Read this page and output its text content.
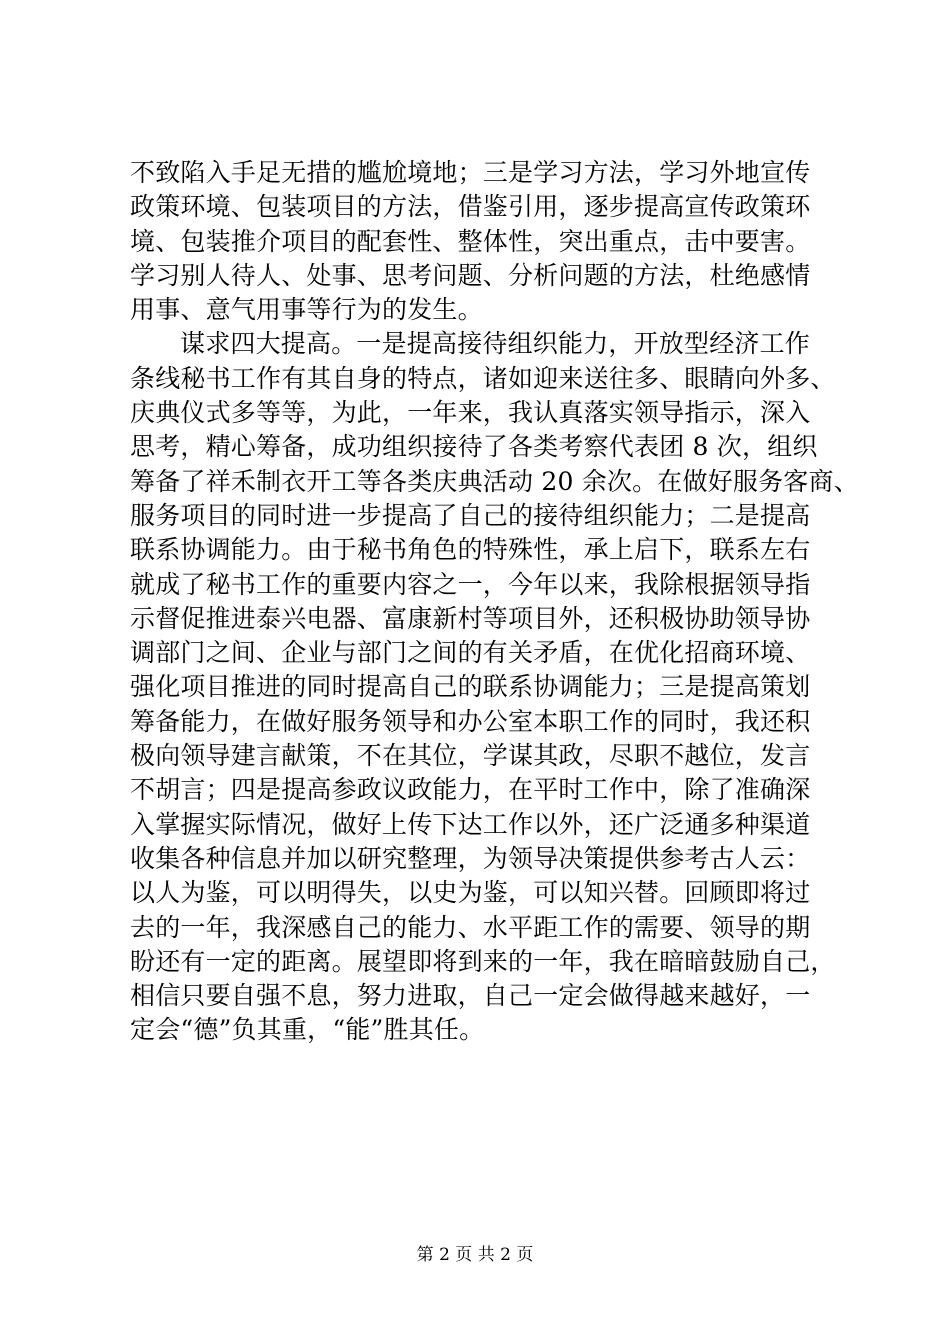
不致陷入手足无措的尴尬境地；三是学习方法，学习外地宣传
政策环境、包装项目的方法，借鉴引用，逐步提高宣传政策环
境、包装推介项目的配套性、整体性，突出重点，击中要害。
学习别人待人、处事、思考问题、分析问题的方法，杜绝感情
用事、意气用事等行为的发生。
谋求四大提高。一是提高接待组织能力，开放型经济工作
条线秘书工作有其自身的特点，诸如迎来送往多、眼睛向外多、
庆典仪式多等等，为此，一年来，我认真落实领导指示，深入
思考，精心筹备，成功组织接待了各类考察代表团 8 次，组织
筹备了祥禾制衣开工等各类庆典活动 20 余次。在做好服务客商、
服务项目的同时进一步提高了自己的接待组织能力；二是提高
联系协调能力。由于秘书角色的特殊性，承上启下，联系左右
就成了秘书工作的重要内容之一，今年以来，我除根据领导指
示督促推进泰兴电器、富康新村等项目外，还积极协助领导协
调部门之间、企业与部门之间的有关矛盾，在优化招商环境、
强化项目推进的同时提高自己的联系协调能力；三是提高策划
筹备能力，在做好服务领导和办公室本职工作的同时，我还积
极向领导建言献策，不在其位，学谋其政，尽职不越位，发言
不胡言；四是提高参政议政能力，在平时工作中，除了准确深
入掌握实际情况，做好上传下达工作以外，还广泛通多种渠道
收集各种信息并加以研究整理，为领导决策提供参考古人云：
以人为鉴，可以明得失，以史为鉴，可以知兴替。回顾即将过
去的一年，我深感自己的能力、水平距工作的需要、领导的期
盼还有一定的距离。展望即将到来的一年，我在暗暗鼓励自己，
相信只要自强不息，努力进取，自己一定会做得越来越好，一
定会“德”负其重，“能”胜其任。
第 2 页 共 2 页
